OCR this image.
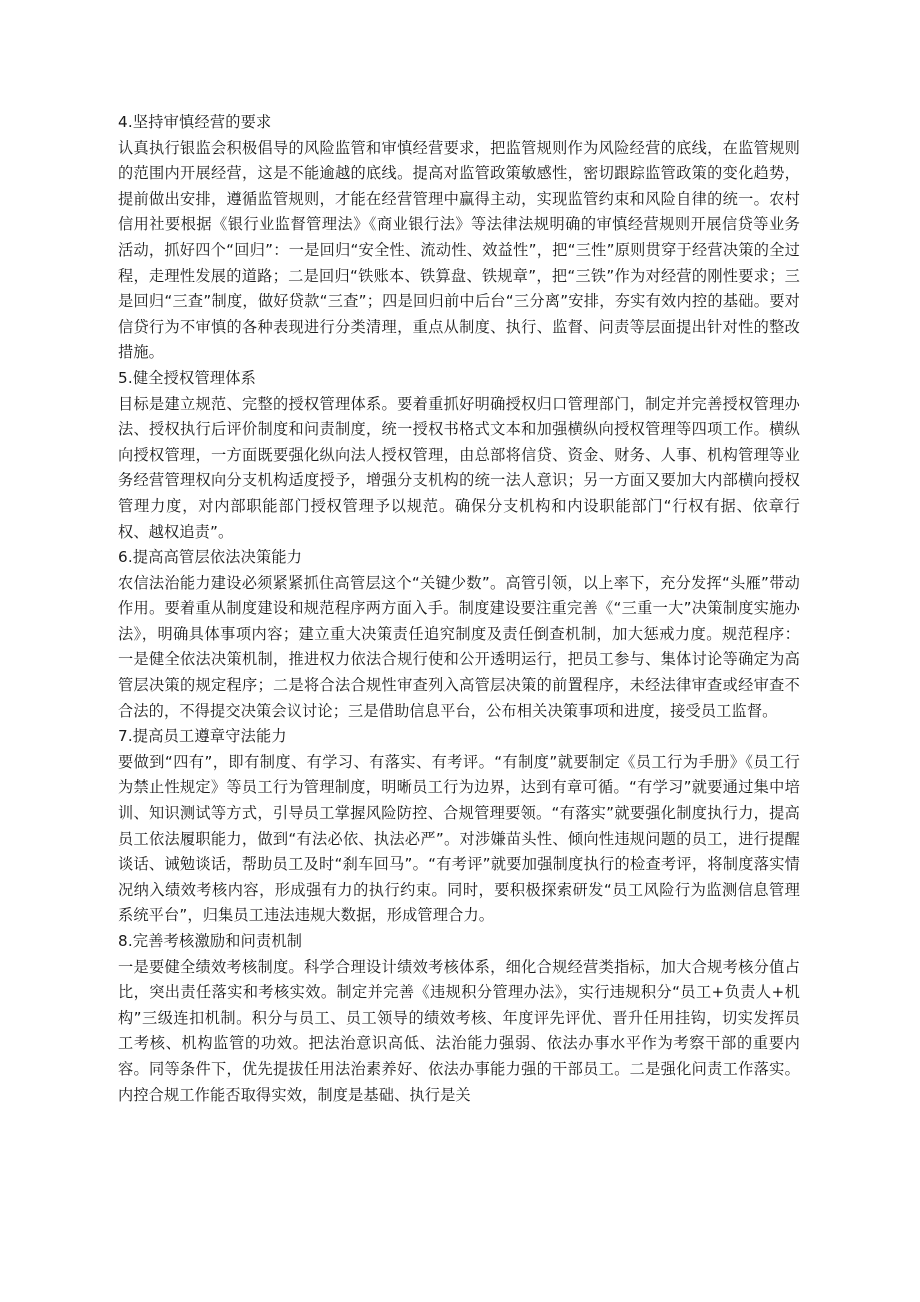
4.坚持审慎经营的要求

认真执行银监会积极倡导的风险监管和审慎经营要求，把监管规则作为风险经营的底线，在监管规则的范围内开展经营，这是不能逾越的底线。提高对监管政策敏感性，密切跟踪监管政策的变化趋势，提前做出安排，遵循监管规则，才能在经营管理中赢得主动，实现监管约束和风险自律的统一。农村信用社要根据《银行业监督管理法》《商业银行法》等法律法规明确的审慎经营规则开展信贷等业务活动，抓好四个“回归”：一是回归“安全性、流动性、效益性”，把“三性”原则贯穿于经营决策的全过程，走理性发展的道路；二是回归“铁账本、铁算盘、铁规章”，把“三铁”作为对经营的刚性要求；三是回归“三查”制度，做好贷款“三查”；四是回归前中后台“三分离”安排，夯实有效内控的基础。要对信贷行为不审慎的各种表现进行分类清理，重点从制度、执行、监督、问责等层面提出针对性的整改措施。

5.健全授权管理体系

目标是建立规范、完整的授权管理体系。要着重抓好明确授权归口管理部门，制定并完善授权管理办法、授权执行后评价制度和问责制度，统一授权书格式文本和加强横纵向授权管理等四项工作。横纵向授权管理，一方面既要强化纵向法人授权管理，由总部将信贷、资金、财务、人事、机构管理等业务经营管理权向分支机构适度授予，增强分支机构的统一法人意识；另一方面又要加大内部横向授权管理力度，对内部职能部门授权管理予以规范。确保分支机构和内设职能部门“行权有据、依章行权、越权追责”。

6.提高高管层依法决策能力

农信法治能力建设必须紧紧抓住高管层这个“关键少数”。高管引领，以上率下，充分发挥“头雁”带动作用。要着重从制度建设和规范程序两方面入手。制度建设要注重完善《“三重一大”决策制度实施办法》，明确具体事项内容；建立重大决策责任追究制度及责任倒查机制，加大惩戒力度。规范程序：一是健全依法决策机制，推进权力依法合规行使和公开透明运行，把员工参与、集体讨论等确定为高管层决策的规定程序；二是将合法合规性审查列入高管层决策的前置程序，未经法律审查或经审查不合法的，不得提交决策会议讨论；三是借助信息平台，公布相关决策事项和进度，接受员工监督。

7.提高员工遵章守法能力

要做到“四有”，即有制度、有学习、有落实、有考评。“有制度”就要制定《员工行为手册》《员工行为禁止性规定》等员工行为管理制度，明晰员工行为边界，达到有章可循。“有学习”就要通过集中培训、知识测试等方式，引导员工掌握风险防控、合规管理要领。“有落实”就要强化制度执行力，提高员工依法履职能力，做到“有法必依、执法必严”。对涉嫌苗头性、倾向性违规问题的员工，进行提醒谈话、诫勉谈话，帮助员工及时“刹车回马”。“有考评”就要加强制度执行的检查考评，将制度落实情况纳入绩效考核内容，形成强有力的执行约束。同时，要积极探索研发“员工风险行为监测信息管理系统平台”，归集员工违法违规大数据，形成管理合力。

8.完善考核激励和问责机制

一是要健全绩效考核制度。科学合理设计绩效考核体系，细化合规经营类指标，加大合规考核分值占比，突出责任落实和考核实效。制定并完善《违规积分管理办法》，实行违规积分“员工+负责人+机构”三级连扣机制。积分与员工、员工领导的绩效考核、年度评先评优、晋升任用挂钩，切实发挥员工考核、机构监管的功效。把法治意识高低、法治能力强弱、依法办事水平作为考察干部的重要内容。同等条件下，优先提拔任用法治素养好、依法办事能力强的干部员工。二是强化问责工作落实。内控合规工作能否取得实效，制度是基础、执行是关
